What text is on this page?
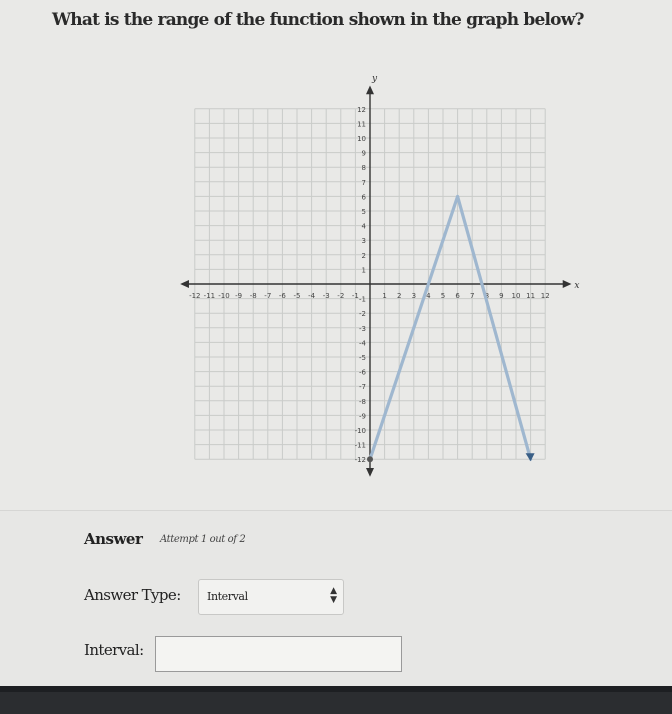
What is the range of the function shown in the graph below?
x
y
-12 -11 -10 -9 -8 -7 -6 -5 -4 -3 -2 -1	1 2 3 4 5 6 7 8 9 10 11 12
12
11
10
9
8
7
6
5
4
3
2
1
-1
-2
-3
-4
-5
-6
-7
-8
-9
-10
-11
-12
Answer Attempt 1 out of 2
Answer Type: Interval	▲
▼
Interval:
